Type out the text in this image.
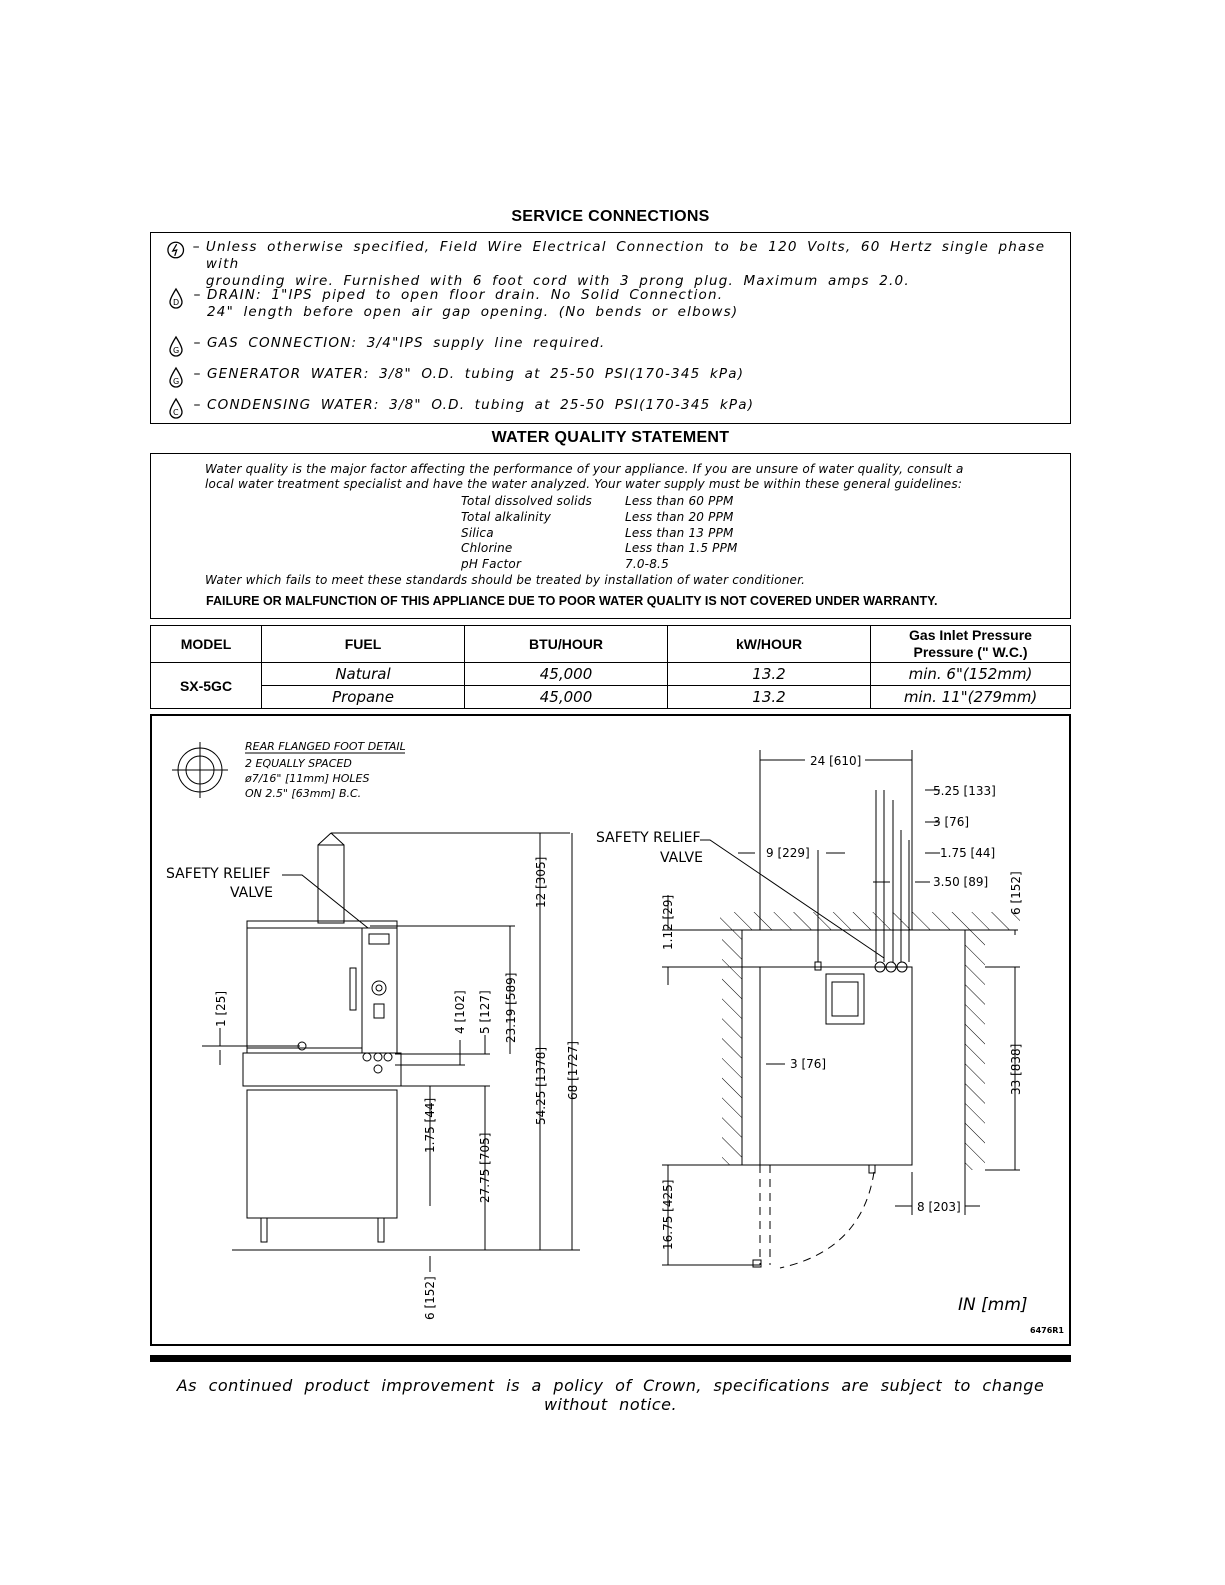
SERVICE CONNECTIONS
– Unless otherwise specified, Field Wire Electrical Connection to be 120 Volts, 60 Hertz single phase with
grounding wire. Furnished with 6 foot cord with 3 prong plug. Maximum amps 2.0.
D	– DRAIN: 1"IPS piped to open floor drain. No Solid Connection.
24" length before open air gap opening. (No bends or elbows)
G	– GAS CONNECTION: 3/4"IPS supply line required.
G	– GENERATOR WATER: 3/8" O.D. tubing at 25-50 PSI(170-345 kPa)
C	– CONDENSING WATER: 3/8" O.D. tubing at 25-50 PSI(170-345 kPa)
WATER QUALITY STATEMENT
Water quality is the major factor affecting the performance of your appliance. If you are unsure of water quality, consult a
local water treatment specialist and have the water analyzed. Your water supply must be within these general guidelines:
Total dissolved solids	Less than 60 PPM
Total alkalinity	Less than 20 PPM
Silica	Less than 13 PPM
Chlorine	Less than 1.5 PPM
pH Factor	7.0-8.5
Water which fails to meet these standards should be treated by installation of water conditioner.
FAILURE OR MALFUNCTION OF THIS APPLIANCE DUE TO POOR WATER QUALITY IS NOT COVERED UNDER WARRANTY.
MODEL	FUEL	BTU/HOUR	kW/HOUR	Gas Inlet Pressure
Pressure (" W.C.)

SX-5GC	Natural	45,000	13.2	min. 6"(152mm)
	Propane	45,000	13.2	min. 11"(279mm)
REAR FLANGED FOOT DETAIL
2 EQUALLY SPACED
ø7/16" [11mm] HOLES
ON 2.5" [63mm] B.C.
SAFETY RELIEF
VALVE
SAFETY RELIEF
VALVE
12 [305]
23.19 [589]
5 [127]
4 [102]
1 [25]
54.25 [1378] 68 [1727]
1.75 [44]
27.75 [705]
6 [152]
24 [610]
5.25 [133]
3 [76]
9 [229]	1.75 [44]
3.50 [89] 6 [152]
1.12 [29]
3 [76]	33 [838]
16.75 [425]	8 [203]
IN [mm]
6476R1
As continued product improvement is a policy of Crown, specifications are subject to change without notice.
